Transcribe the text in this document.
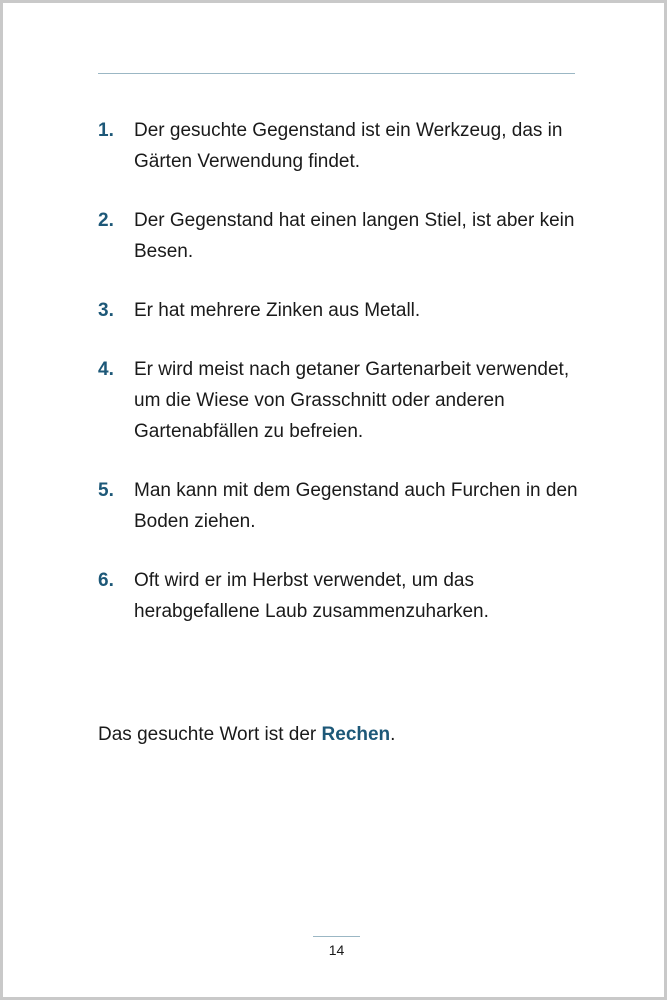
1.	Der gesuchte Gegenstand ist ein Werkzeug, das in Gärten Verwendung findet.
2.	Der Gegenstand hat einen langen Stiel, ist aber kein Besen.
3.	Er hat mehrere Zinken aus Metall.
4.	Er wird meist nach getaner Gartenarbeit verwendet, um die Wiese von Grasschnitt oder anderen Gartenabfällen zu befreien.
5.	Man kann mit dem Gegenstand auch Furchen in den Boden ziehen.
6.	Oft wird er im Herbst verwendet, um das herabgefallene Laub zusammenzuharken.

Das gesuchte Wort ist der Rechen.

14
